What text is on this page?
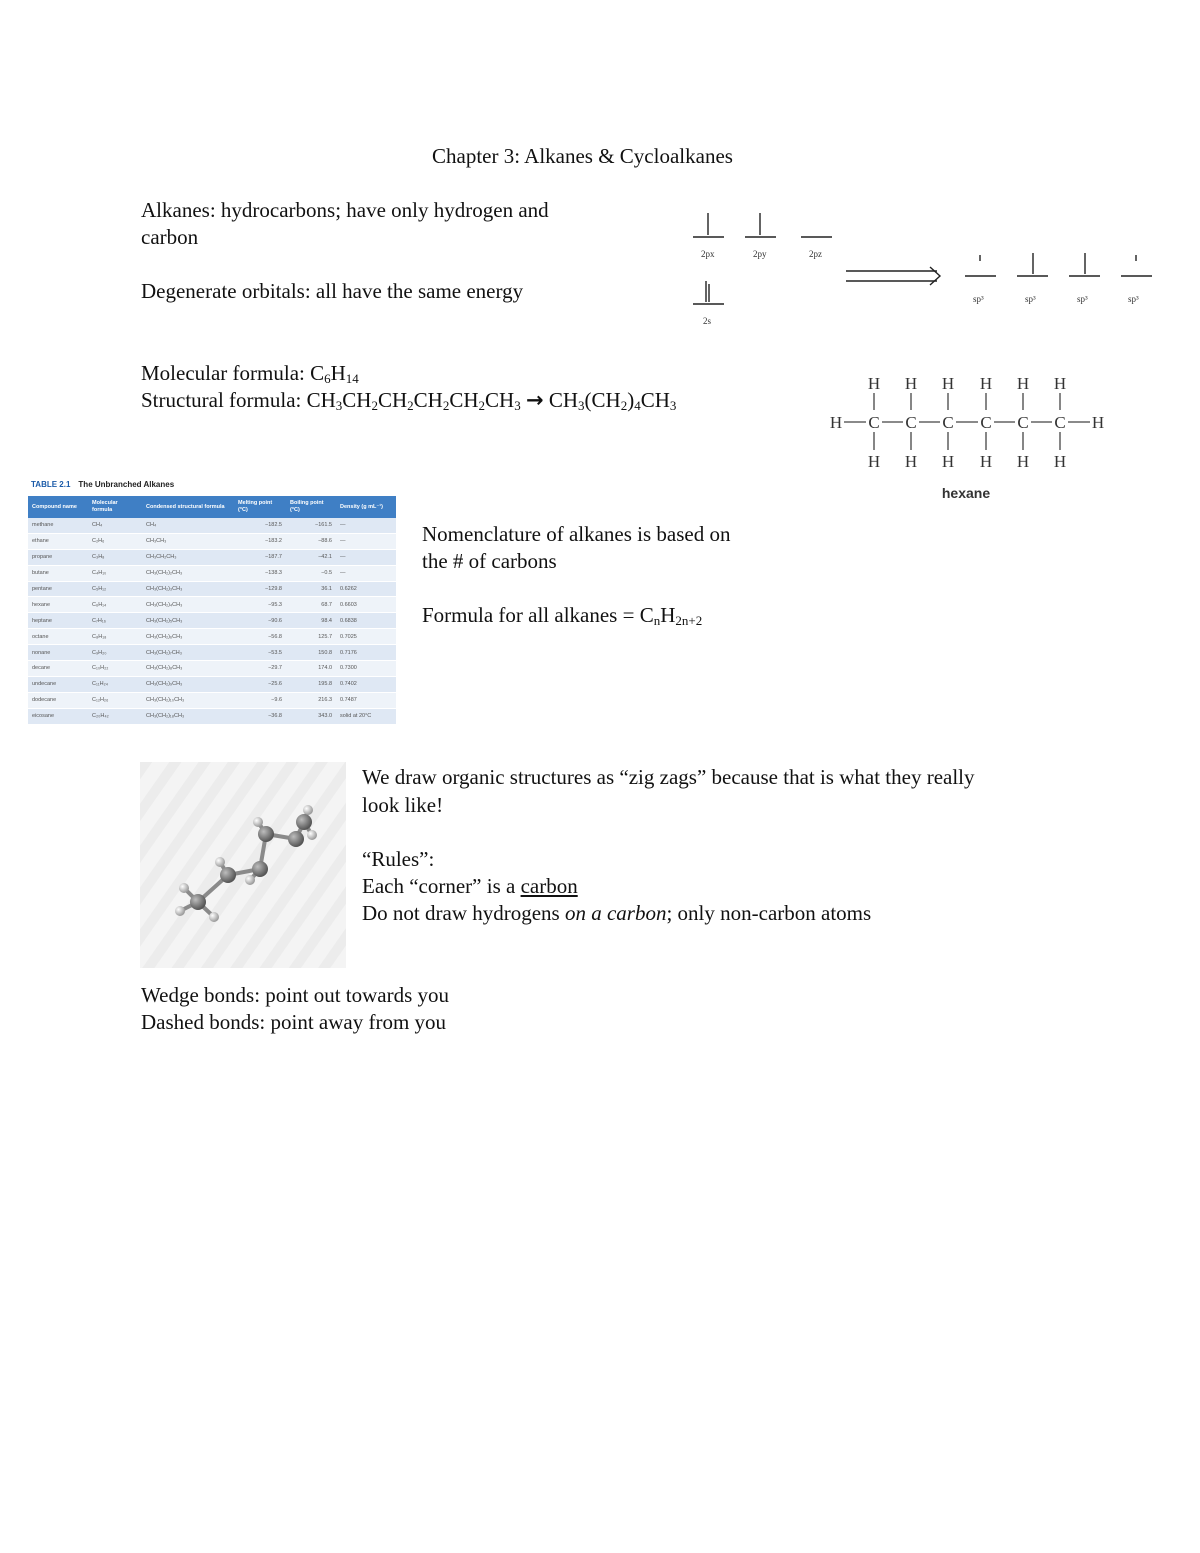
Chapter 3: Alkanes & Cycloalkanes
Alkanes: hydrocarbons; have only hydrogen and
carbon
Degenerate orbitals: all have the same energy
2px	2py	2pz
2s
sp³	sp³	sp³	sp³
Molecular formula: $C_6H_{14}$
Structural formula: $CH_3CH_2CH_2CH_2CH_2CH_3 \to CH_3(CH_2)_4CH_3$
H H H H H H
H C C C C C C H
H H H H H H
hexane
TABLE 2.1 The Unbranched Alkanes
Compound name	Molecular formula	Condensed structural formula	Melting point (°C)	Boiling point (°C)	Density (g mL⁻¹)
methane	CH₄	CH₄	−182.5	−161.5	—
ethane	C₂H₆	CH₃CH₃	−183.2	−88.6	—
propane	C₃H₈	CH₃CH₂CH₃	−187.7	−42.1	—
butane	C₄H₁₀	CH₃(CH₂)₂CH₃	−138.3	−0.5	—
pentane	C₅H₁₂	CH₃(CH₂)₃CH₃	−129.8	36.1	0.6262
hexane	C₆H₁₄	CH₃(CH₂)₄CH₃	−95.3	68.7	0.6603
heptane	C₇H₁₆	CH₃(CH₂)₅CH₃	−90.6	98.4	0.6838
octane	C₈H₁₈	CH₃(CH₂)₆CH₃	−56.8	125.7	0.7025
nonane	C₉H₂₀	CH₃(CH₂)₇CH₃	−53.5	150.8	0.7176
decane	C₁₀H₂₂	CH₃(CH₂)₈CH₃	−29.7	174.0	0.7300
undecane	C₁₁H₂₄	CH₃(CH₂)₉CH₃	−25.6	195.8	0.7402
dodecane	C₁₂H₂₆	CH₃(CH₂)₁₀CH₃	−9.6	216.3	0.7487
eicosane	C₂₀H₄₂	CH₃(CH₂)₁₈CH₃	−36.8	343.0	solid at 20°C
Nomenclature of alkanes is based on
the # of carbons
Formula for all alkanes = $C_nH_{2n+2}$
We draw organic structures as “zig zags” because that is what they really
look like!
“Rules”:
Each “corner” is a carbon
Do not draw hydrogens on a carbon; only non-carbon atoms
Wedge bonds: point out towards you
Dashed bonds: point away from you
